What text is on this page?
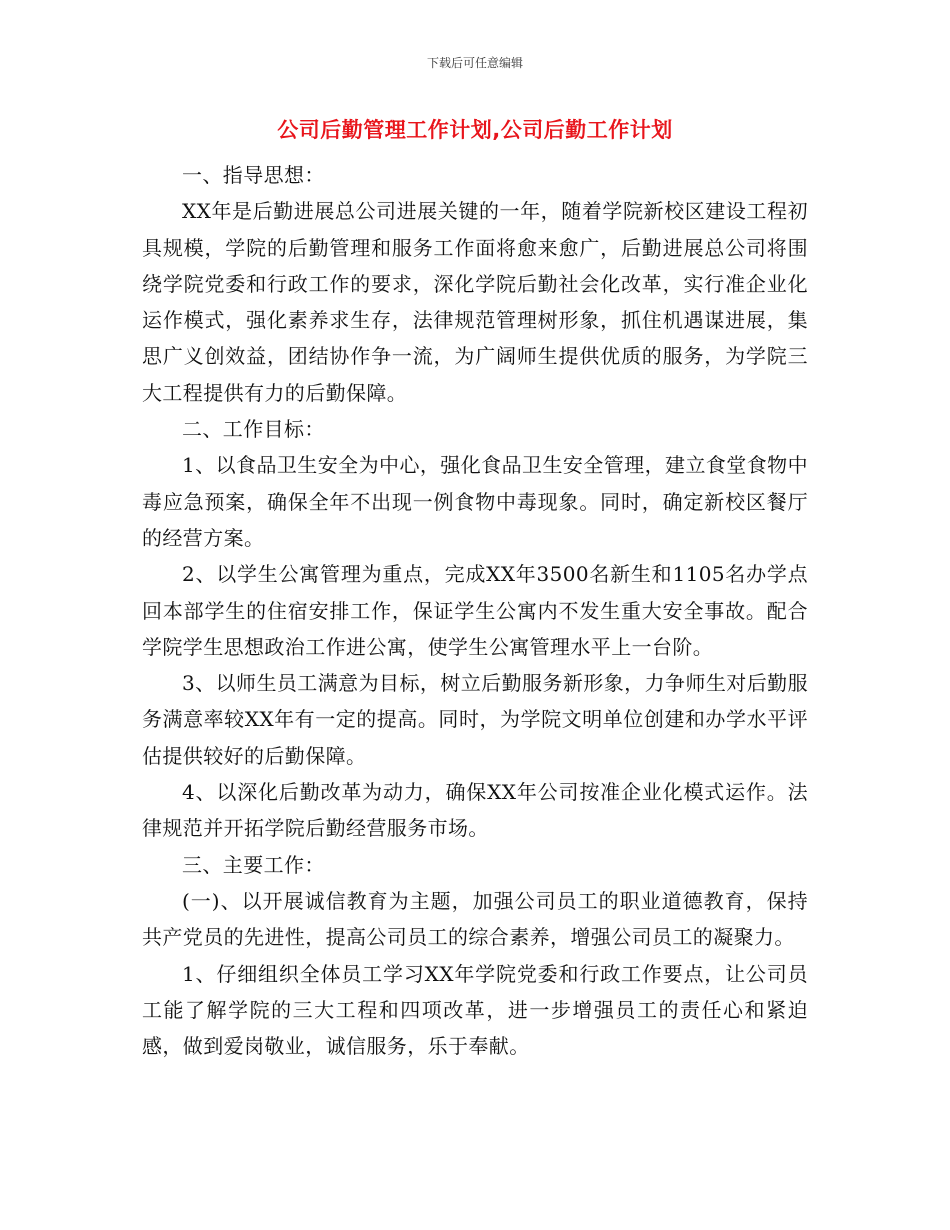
下载后可任意编辑
公司后勤管理工作计划,公司后勤工作计划

一、指导思想：

XX年是后勤进展总公司进展关键的一年，随着学院新校区建设工程初具规模，学院的后勤管理和服务工作面将愈来愈广，后勤进展总公司将围绕学院党委和行政工作的要求，深化学院后勤社会化改革，实行准企业化运作模式，强化素养求生存，法律规范管理树形象，抓住机遇谋进展，集思广义创效益，团结协作争一流，为广阔师生提供优质的服务，为学院三大工程提供有力的后勤保障。

二、工作目标：

1、以食品卫生安全为中心，强化食品卫生安全管理，建立食堂食物中毒应急预案，确保全年不出现一例食物中毒现象。同时，确定新校区餐厅的经营方案。

2、以学生公寓管理为重点，完成XX年3500名新生和1105名办学点回本部学生的住宿安排工作，保证学生公寓内不发生重大安全事故。配合学院学生思想政治工作进公寓，使学生公寓管理水平上一台阶。

3、以师生员工满意为目标，树立后勤服务新形象，力争师生对后勤服务满意率较XX年有一定的提高。同时，为学院文明单位创建和办学水平评估提供较好的后勤保障。

4、以深化后勤改革为动力，确保XX年公司按准企业化模式运作。法律规范并开拓学院后勤经营服务市场。

三、主要工作：

(一)、以开展诚信教育为主题，加强公司员工的职业道德教育，保持共产党员的先进性，提高公司员工的综合素养，增强公司员工的凝聚力。

1、仔细组织全体员工学习XX年学院党委和行政工作要点，让公司员工能了解学院的三大工程和四项改革，进一步增强员工的责任心和紧迫感，做到爱岗敬业，诚信服务，乐于奉献。
